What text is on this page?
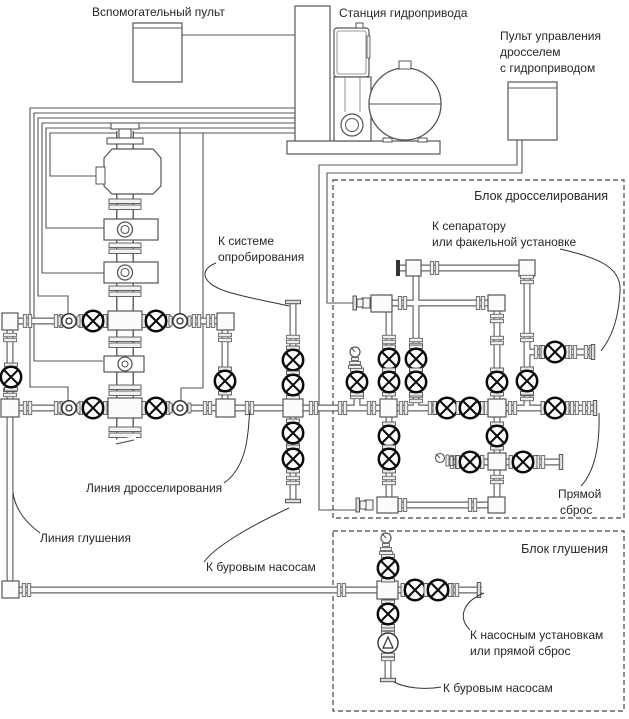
Вспомогательный пульт	Станция гидропривода
Пульт управления
дросселем
с гидроприводом
Блок дросселирования
К сепаратору
или факельной установке
К системе
опробирования
Линия дросселирования
Линия глушения
К буровым насосам
Прямой
сброс
Блок глушения
К насосным установкам
или прямой сброс
К буровым насосам
